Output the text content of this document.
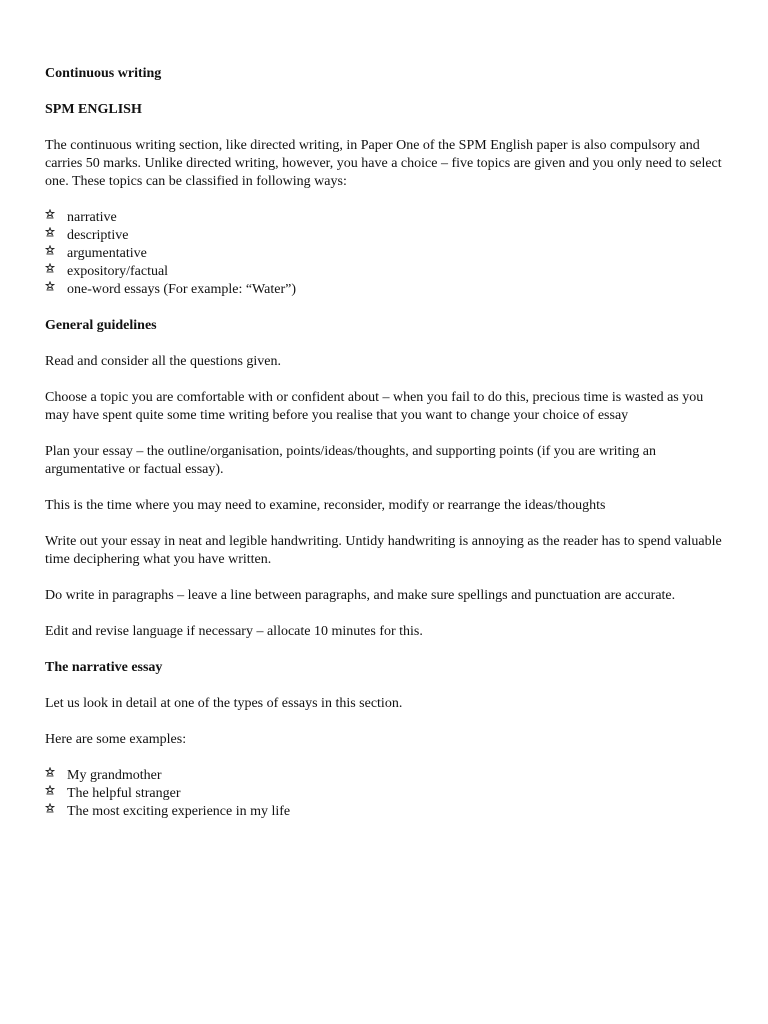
Continuous writing
SPM ENGLISH

The continuous writing section, like directed writing, in Paper One of the SPM English paper is also compulsory and carries 50 marks. Unlike directed writing, however, you have a choice – five topics are given and you only need to select one. These topics can be classified in following ways:

narrative
descriptive
argumentative
expository/factual
one-word essays (For example: “Water”)
General guidelines

Read and consider all the questions given.

Choose a topic you are comfortable with or confident about – when you fail to do this, precious time is wasted as you may have spent quite some time writing before you realise that you want to change your choice of essay

Plan your essay – the outline/organisation, points/ideas/thoughts, and supporting points (if you are writing an argumentative or factual essay).

This is the time where you may need to examine, reconsider, modify or rearrange the ideas/thoughts

Write out your essay in neat and legible handwriting. Untidy handwriting is annoying as the reader has to spend valuable time deciphering what you have written.

Do write in paragraphs – leave a line between paragraphs, and make sure spellings and punctuation are accurate.

Edit and revise language if necessary – allocate 10 minutes for this.

The narrative essay

Let us look in detail at one of the types of essays in this section.

Here are some examples:

My grandmother
The helpful stranger
The most exciting experience in my life
